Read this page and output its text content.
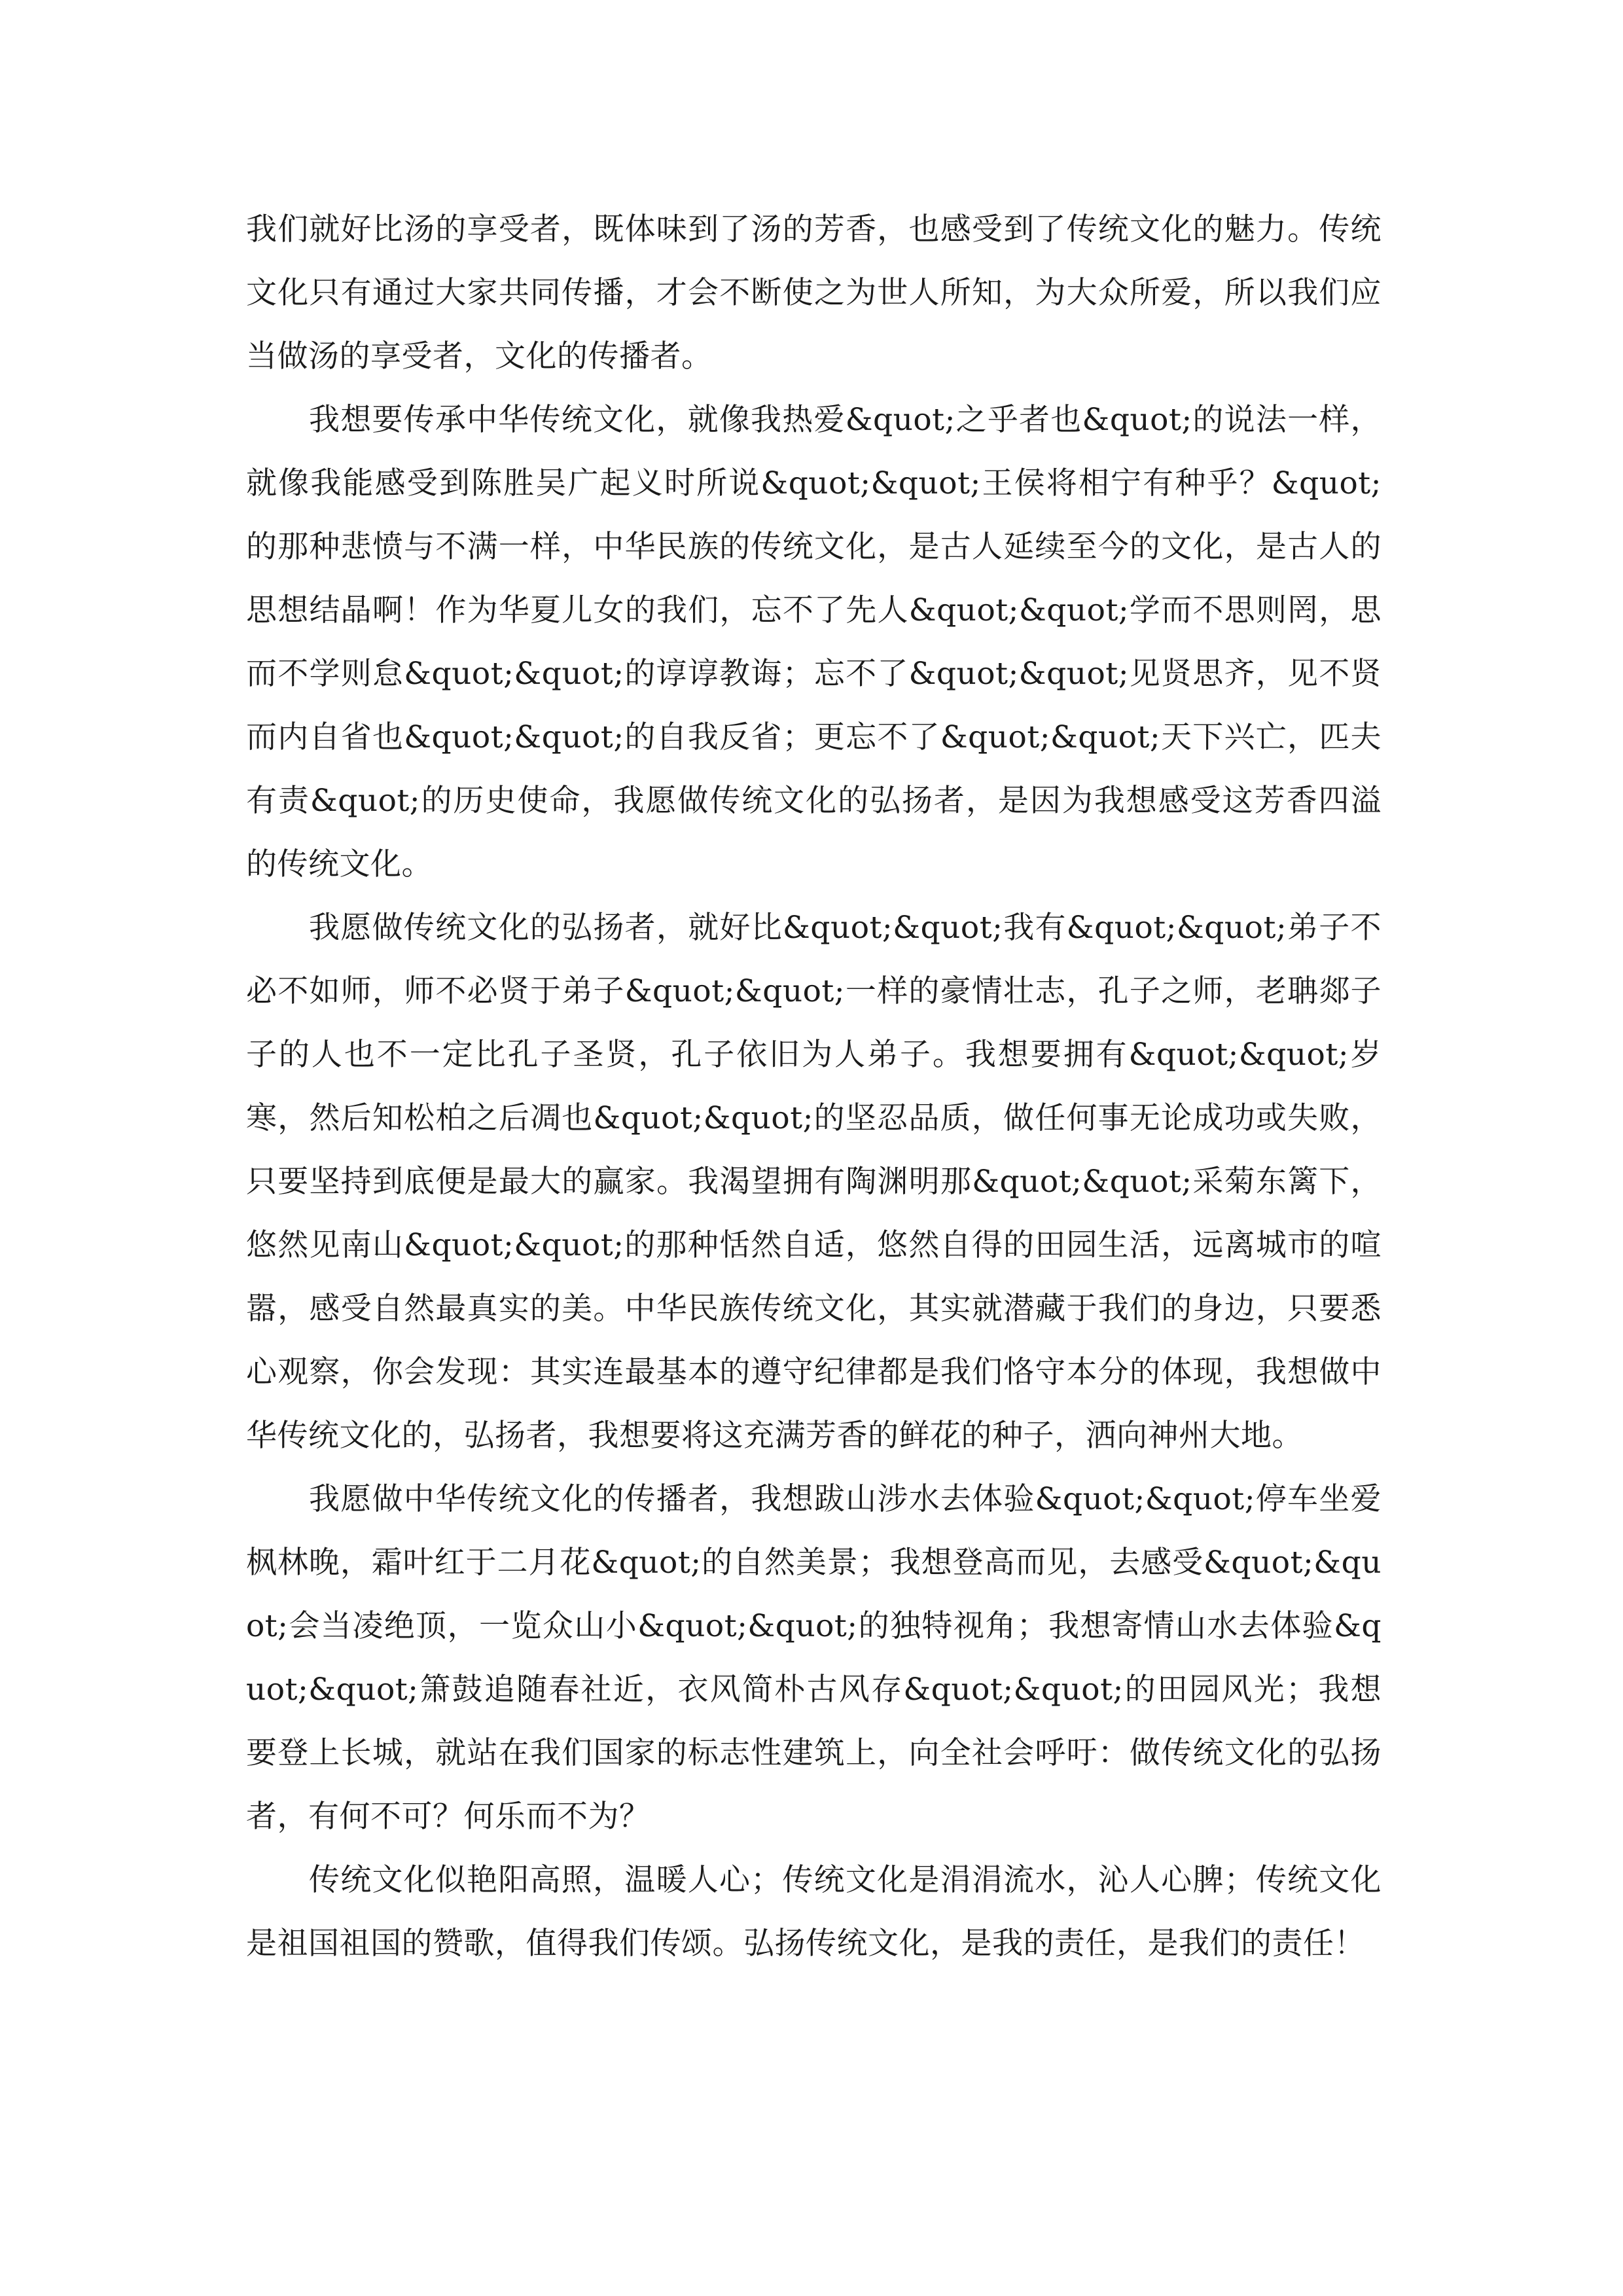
我们就好比汤的享受者，既体味到了汤的芳香，也感受到了传统文化的魅力。传统文化只有通过大家共同传播，才会不断使之为世人所知，为大众所爱，所以我们应当做汤的享受者，文化的传播者。

我想要传承中华传统文化，就像我热爱&quot;之乎者也&quot;的说法一样，就像我能感受到陈胜吴广起义时所说&quot;&quot;王侯将相宁有种乎？&quot;的那种悲愤与不满一样，中华民族的传统文化，是古人延续至今的文化，是古人的思想结晶啊！作为华夏儿女的我们，忘不了先人&quot;&quot;学而不思则罔，思而不学则怠&quot;&quot;的谆谆教诲；忘不了&quot;&quot;见贤思齐，见不贤而内自省也&quot;&quot;的自我反省；更忘不了&quot;&quot;天下兴亡，匹夫有责&quot;的历史使命，我愿做传统文化的弘扬者，是因为我想感受这芳香四溢的传统文化。

我愿做传统文化的弘扬者，就好比&quot;&quot;我有&quot;&quot;弟子不必不如师，师不必贤于弟子&quot;&quot;一样的豪情壮志，孔子之师，老聃郯子子的人也不一定比孔子圣贤，孔子依旧为人弟子。我想要拥有&quot;&quot;岁寒，然后知松柏之后凋也&quot;&quot;的坚忍品质，做任何事无论成功或失败，只要坚持到底便是最大的赢家。我渴望拥有陶渊明那&quot;&quot;采菊东篱下，悠然见南山&quot;&quot;的那种恬然自适，悠然自得的田园生活，远离城市的喧嚣，感受自然最真实的美。中华民族传统文化，其实就潜藏于我们的身边，只要悉心观察，你会发现：其实连最基本的遵守纪律都是我们恪守本分的体现，我想做中华传统文化的，弘扬者，我想要将这充满芳香的鲜花的种子，洒向神州大地。

我愿做中华传统文化的传播者，我想跋山涉水去体验&quot;&quot;停车坐爱枫林晚，霜叶红于二月花&quot;的自然美景；我想登高而见，去感受&quot;&quot;会当凌绝顶，一览众山小&quot;&quot;的独特视角；我想寄情山水去体验&quot;&quot;箫鼓追随春社近，衣风简朴古风存&quot;&quot;的田园风光；我想要登上长城，就站在我们国家的标志性建筑上，向全社会呼吁：做传统文化的弘扬者，有何不可？何乐而不为？

传统文化似艳阳高照，温暖人心；传统文化是涓涓流水，沁人心脾；传统文化是祖国祖国的赞歌，值得我们传颂。弘扬传统文化，是我的责任，是我们的责任！
